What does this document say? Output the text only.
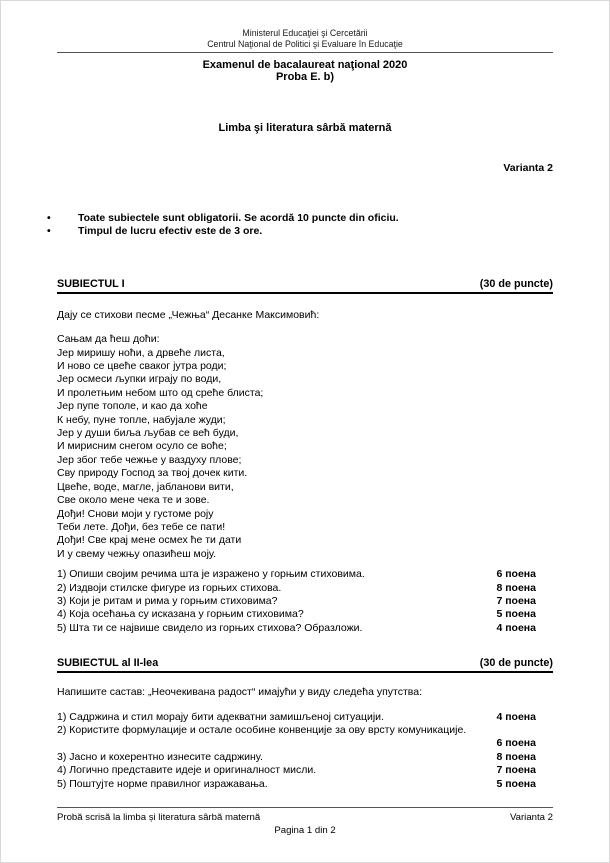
Ministerul Educaţiei şi Cercetării
Centrul Naţional de Politici şi Evaluare în Educaţie
Examenul de bacalaureat naţional 2020
Proba E. b)
Limba şi literatura sârbă maternă
Varianta 2
•	Toate subiectele sunt obligatorii. Se acordă 10 puncte din oficiu.
•	Timpul de lucru efectiv este de 3 ore.
SUBIECTUL I	(30 de puncte)
Дају се стихови песме „Чежња“ Десанке Максимовић:
Сањам да ћеш доћи:
Јер миришу ноћи, а дрвеће листа,
И ново се цвеће сваког јутра роди;
Јер осмеси љупки играју по води,
И пролетњим небом што од среће блиста;
Јер пупе тополе, и као да хоће
К небу, пуне топле, набујале жуди;
Јер у души биља љубав се већ буди,
И мирисним снегом осуло се воће;
Јер због тебе чежње у ваздуху плове;
Сву природу Господ за твој дочек кити.
Цвеће, воде, магле, јабланови вити,
Све около мене чека те и зове.
Дођи! Снови моји у густоме роју
Теби лете. Дођи, без тебе се пати!
Дођи! Све крај мене осмех ће ти дати
И у свему чежњу опазићеш моју.
1) Опиши својим речима шта је изражено у горњим стиховима.	6 поена
2) Издвоји стилске фигуре из горњих стихова.	8 поена
3) Који је ритам и рима у горњим стиховима?	7 поена
4) Која осећања су исказана у горњим стиховима?	5 поена
5) Шта ти се највише свидело из горњих стихова? Образложи.	4 поена
SUBIECTUL al II-lea	(30 de puncte)
Напишите састав: „Неочекивана радост“ имајући у виду следећа упутства:
1) Садржина и стил морају бити адекватни замишљеној ситуацији.	4 поена
2) Користите формулације и остале особине конвенције за ову врсту комуникације.
6 поена
3) Јасно и кохерентно изнесите садржину.	8 поена
4) Логично представите идеје и оригиналност мисли.	7 поена
5) Поштујте норме правилног изражавања.	5 поена
Probă scrisă la limba și literatura sârbă maternă	Varianta 2
Pagina 1 din 2
